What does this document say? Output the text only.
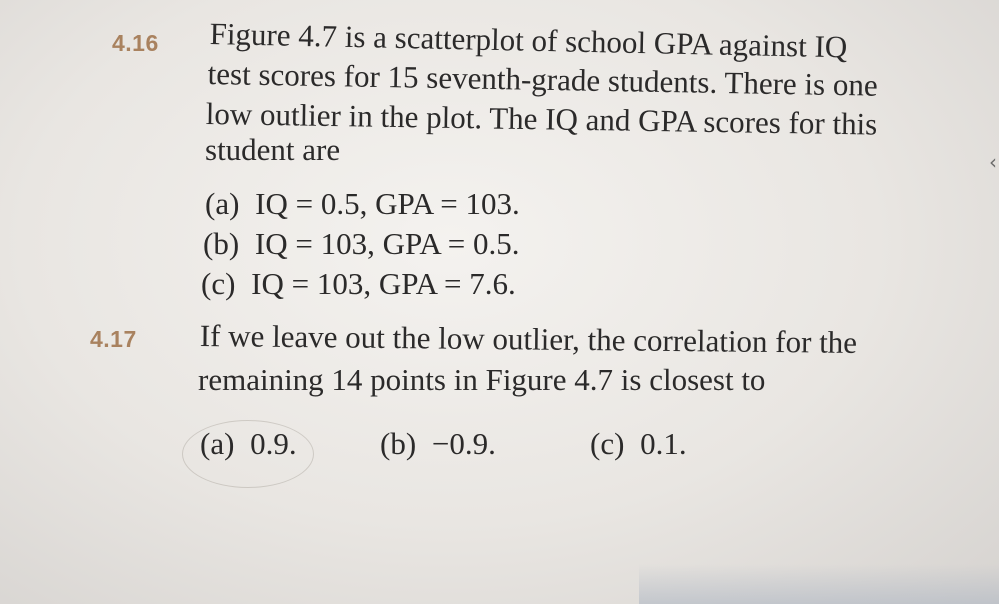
4.16 Figure 4.7 is a scatterplot of school GPA against IQ
test scores for 15 seventh-grade students. There is one
low outlier in the plot. The IQ and GPA scores for this
student are
(a) IQ = 0.5, GPA = 103.
(b) IQ = 103, GPA = 0.5.
(c) IQ = 103, GPA = 7.6.
4.17 If we leave out the low outlier, the correlation for the
remaining 14 points in Figure 4.7 is closest to
(a) 0.9.	(b) −0.9.	(c) 0.1.
‹
